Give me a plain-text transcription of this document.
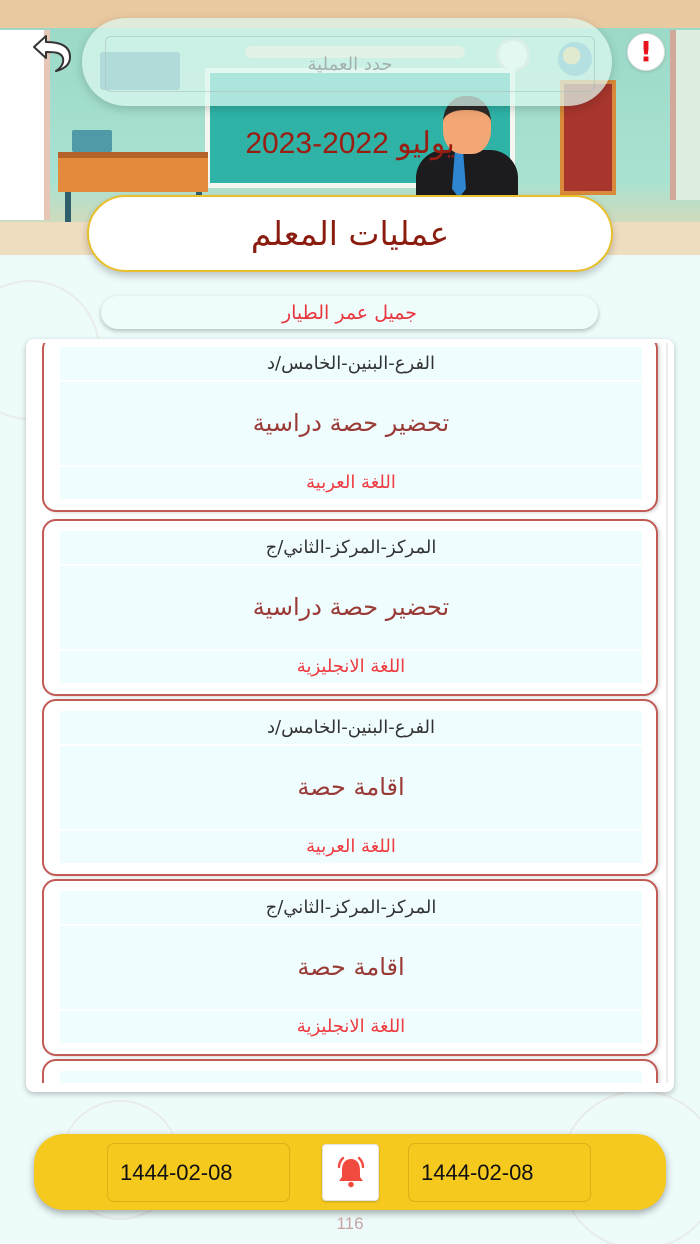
حدد العملية
!
يوليو 2022-2023
عمليات المعلم
جميل عمر الطيار
الفرع-البنين-الخامس/د
تحضير حصة دراسية
اللغة العربية
المركز-المركز-الثاني/ج
تحضير حصة دراسية
اللغة الانجليزية
الفرع-البنين-الخامس/د
اقامة حصة
اللغة العربية
المركز-المركز-الثاني/ج
اقامة حصة
اللغة الانجليزية
1444-02-08
1444-02-08
116
